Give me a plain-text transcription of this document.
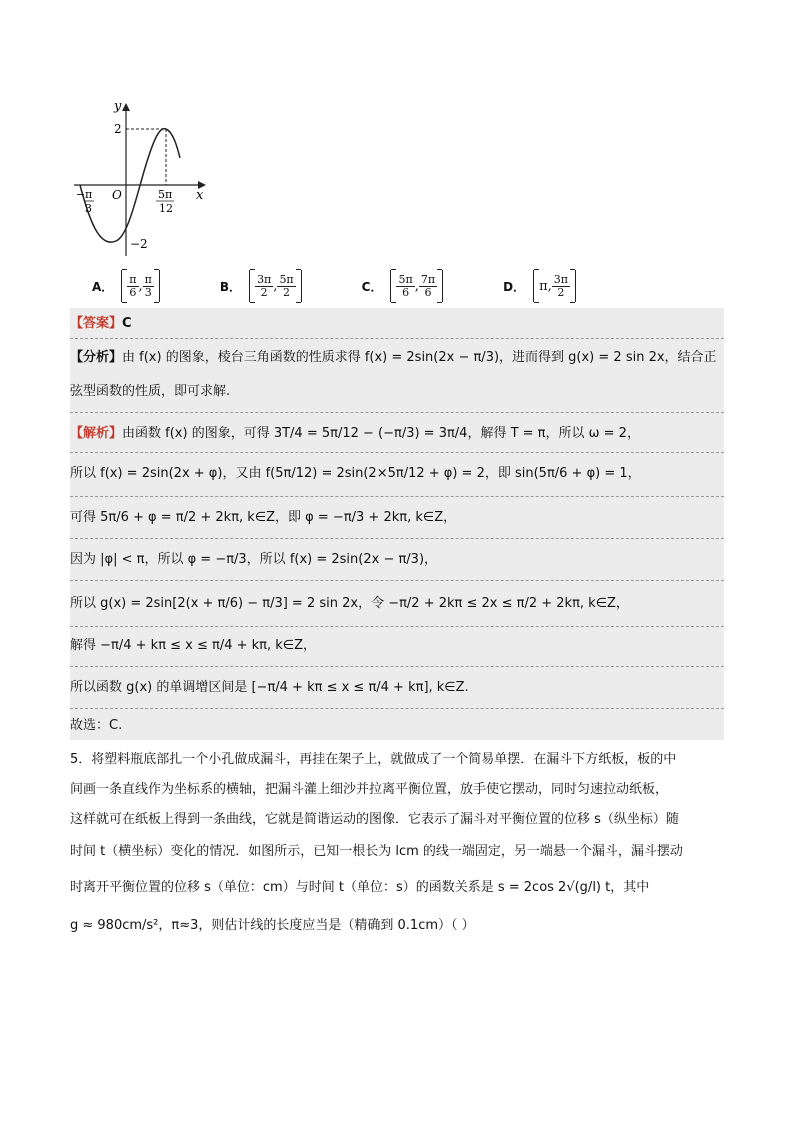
y
x
O
2
−2
− π
3
5π
12
A． $\frac{\pi}{6}$ , $\frac{\pi}{3}$	B． $\frac{3\pi}{2}$ , $\frac{5\pi}{2}$	C． $\frac{5\pi}{6}$ , $\frac{7\pi}{6}$	D． π , $\frac{3\pi}{2}$
【答案】C
【分析】由 f(x) 的图象，棱台三角函数的性质求得 f(x) = 2sin(2x − π/3)，进而得到 g(x) = 2 sin 2x，结合正
弦型函数的性质，即可求解.
【解析】由函数 f(x) 的图象，可得 3T/4 = 5π/12 − (−π/3) = 3π/4，解得 T = π，所以 ω = 2，
所以 f(x) = 2sin(2x + φ)，又由 f(5π/12) = 2sin(2×5π/12 + φ) = 2，即 sin(5π/6 + φ) = 1，
可得 5π/6 + φ = π/2 + 2kπ, k∈Z，即 φ = −π/3 + 2kπ, k∈Z，
因为 |φ| < π，所以 φ = −π/3，所以 f(x) = 2sin(2x − π/3)，
所以 g(x) = 2sin[2(x + π/6) − π/3] = 2 sin 2x，令 −π/2 + 2kπ ≤ 2x ≤ π/2 + 2kπ, k∈Z，
解得 −π/4 + kπ ≤ x ≤ π/4 + kπ, k∈Z，
所以函数 g(x) 的单调增区间是 [−π/4 + kπ ≤ x ≤ π/4 + kπ], k∈Z.
故选：C.
5．将塑料瓶底部扎一个小孔做成漏斗，再挂在架子上，就做成了一个简易单摆．在漏斗下方纸板，板的中
间画一条直线作为坐标系的横轴，把漏斗灌上细沙并拉离平衡位置，放手使它摆动，同时匀速拉动纸板，
这样就可在纸板上得到一条曲线，它就是简谐运动的图像．它表示了漏斗对平衡位置的位移 s（纵坐标）随
时间 t（横坐标）变化的情况．如图所示，已知一根长为 lcm 的线一端固定，另一端悬一个漏斗，漏斗摆动
时离开平衡位置的位移 s（单位：cm）与时间 t（单位：s）的函数关系是 s = 2cos 2√(g/l) t，其中
g ≈ 980cm/s²，π≈3，则估计线的长度应当是（精确到 0.1cm）（ ）
